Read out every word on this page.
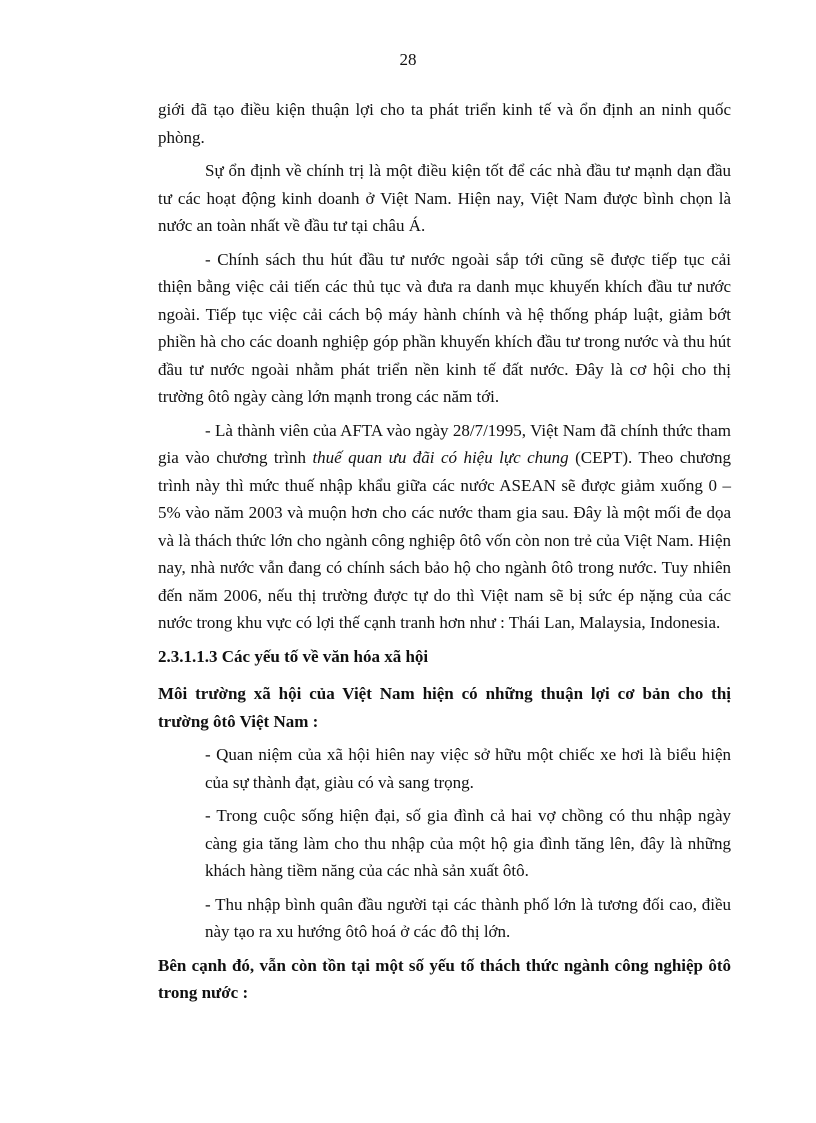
28

giới đã tạo điều kiện thuận lợi cho ta phát triển kinh tế và ổn định an ninh quốc phòng.

Sự ổn định về chính trị là một điều kiện tốt để các nhà đầu tư mạnh dạn đầu tư các hoạt động kinh doanh ở Việt Nam. Hiện nay, Việt Nam được bình chọn là nước an toàn nhất về đầu tư tại châu Á.

- Chính sách thu hút đầu tư nước ngoài sắp tới cũng sẽ được tiếp tục cải thiện bằng việc cải tiến các thủ tục và đưa ra danh mục khuyến khích đầu tư nước ngoài. Tiếp tục việc cải cách bộ máy hành chính và hệ thống pháp luật, giảm bớt phiền hà cho các doanh nghiệp góp phần khuyến khích đầu tư trong nước và thu hút đầu tư nước ngoài nhằm phát triển nền kinh tế đất nước. Đây là cơ hội cho thị trường ôtô ngày càng lớn mạnh trong các năm tới.

- Là thành viên của AFTA vào ngày 28/7/1995, Việt Nam đã chính thức tham gia vào chương trình thuế quan ưu đãi có hiệu lực chung (CEPT). Theo chương trình này thì mức thuế nhập khẩu giữa các nước ASEAN sẽ được giảm xuống 0 – 5% vào năm 2003 và muộn hơn cho các nước tham gia sau. Đây là một mối đe dọa và là thách thức lớn cho ngành công nghiệp ôtô vốn còn non trẻ của Việt Nam. Hiện nay, nhà nước vẫn đang có chính sách bảo hộ cho ngành ôtô trong nước. Tuy nhiên đến năm 2006, nếu thị trường được tự do thì Việt nam sẽ bị sức ép nặng của các nước trong khu vực có lợi thế cạnh tranh hơn như : Thái Lan, Malaysia, Indonesia.

2.3.1.1.3 Các yếu tố về văn hóa xã hội

Môi trường xã hội của Việt Nam hiện có những thuận lợi cơ bản cho thị trường ôtô Việt Nam :

- Quan niệm của xã hội hiên nay việc sở hữu một chiếc xe hơi là biểu hiện của sự thành đạt, giàu có và sang trọng.

- Trong cuộc sống hiện đại, số gia đình cả hai vợ chồng có thu nhập ngày càng gia tăng làm cho thu nhập của một hộ gia đình tăng lên, đây là những khách hàng tiềm năng của các nhà sản xuất ôtô.

- Thu nhập bình quân đầu người tại các thành phố lớn là tương đối cao, điều này tạo ra xu hướng ôtô hoá ở các đô thị lớn.

Bên cạnh đó, vẫn còn tồn tại một số yếu tố thách thức ngành công nghiệp ôtô trong nước :
